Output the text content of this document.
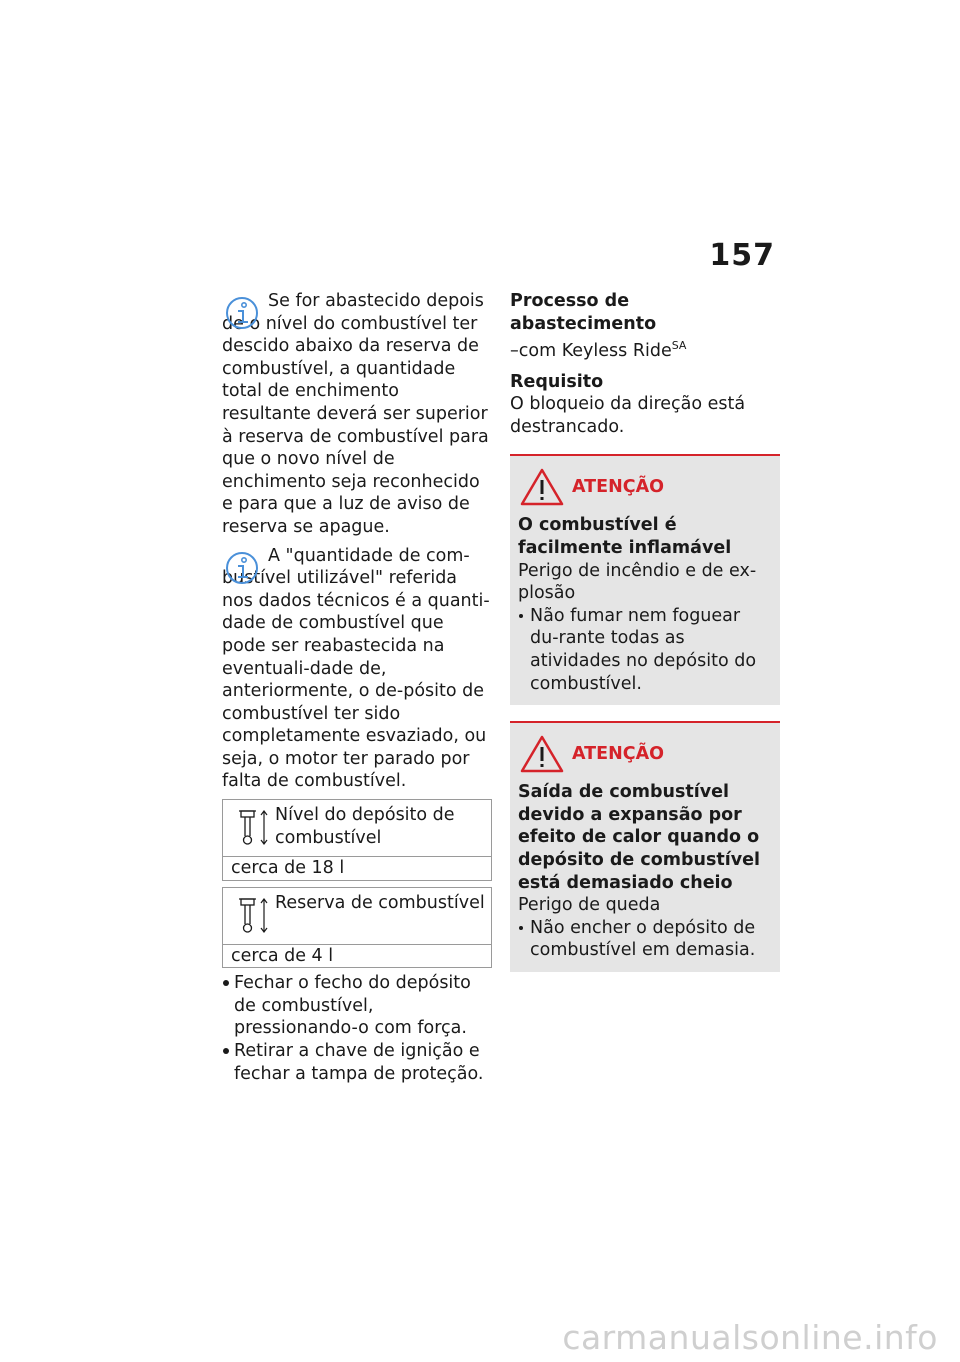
157
Se for abastecido depois de o nível do combustível ter descido abaixo da reserva de combustível, a quantidade total de enchimento resultante deverá ser superior à reserva de combustível para que o novo nível de enchimento seja reconhecido e para que a luz de aviso de reserva se apague.
A "quantidade de com-bustível utilizável" referida nos dados técnicos é a quanti-dade de combustível que pode ser reabastecida na eventuali-dade de, anteriormente, o de-pósito de combustível ter sido completamente esvaziado, ou seja, o motor ter parado por falta de combustível.
Nível do depósito de combustível
cerca de 18 l
Reserva de combustível
cerca de 4 l
Fechar o fecho do depósito de combustível, pressionando-o com força.
Retirar a chave de ignição e fechar a tampa de proteção.
Processo de abastecimento
–com Keyless Ride$^{SA}$
Requisito
O bloqueio da direção está destrancado.
ATENÇÃO
O combustível é facilmente inflamável
Perigo de incêndio e de ex-plosão
Não fumar nem foguear du-rante todas as atividades no depósito do combustível.
ATENÇÃO
Saída de combustível devido a expansão por efeito de calor quando o depósito de combustível está demasiado cheio
Perigo de queda
Não encher o depósito de combustível em demasia.
carmanualsonline.info
